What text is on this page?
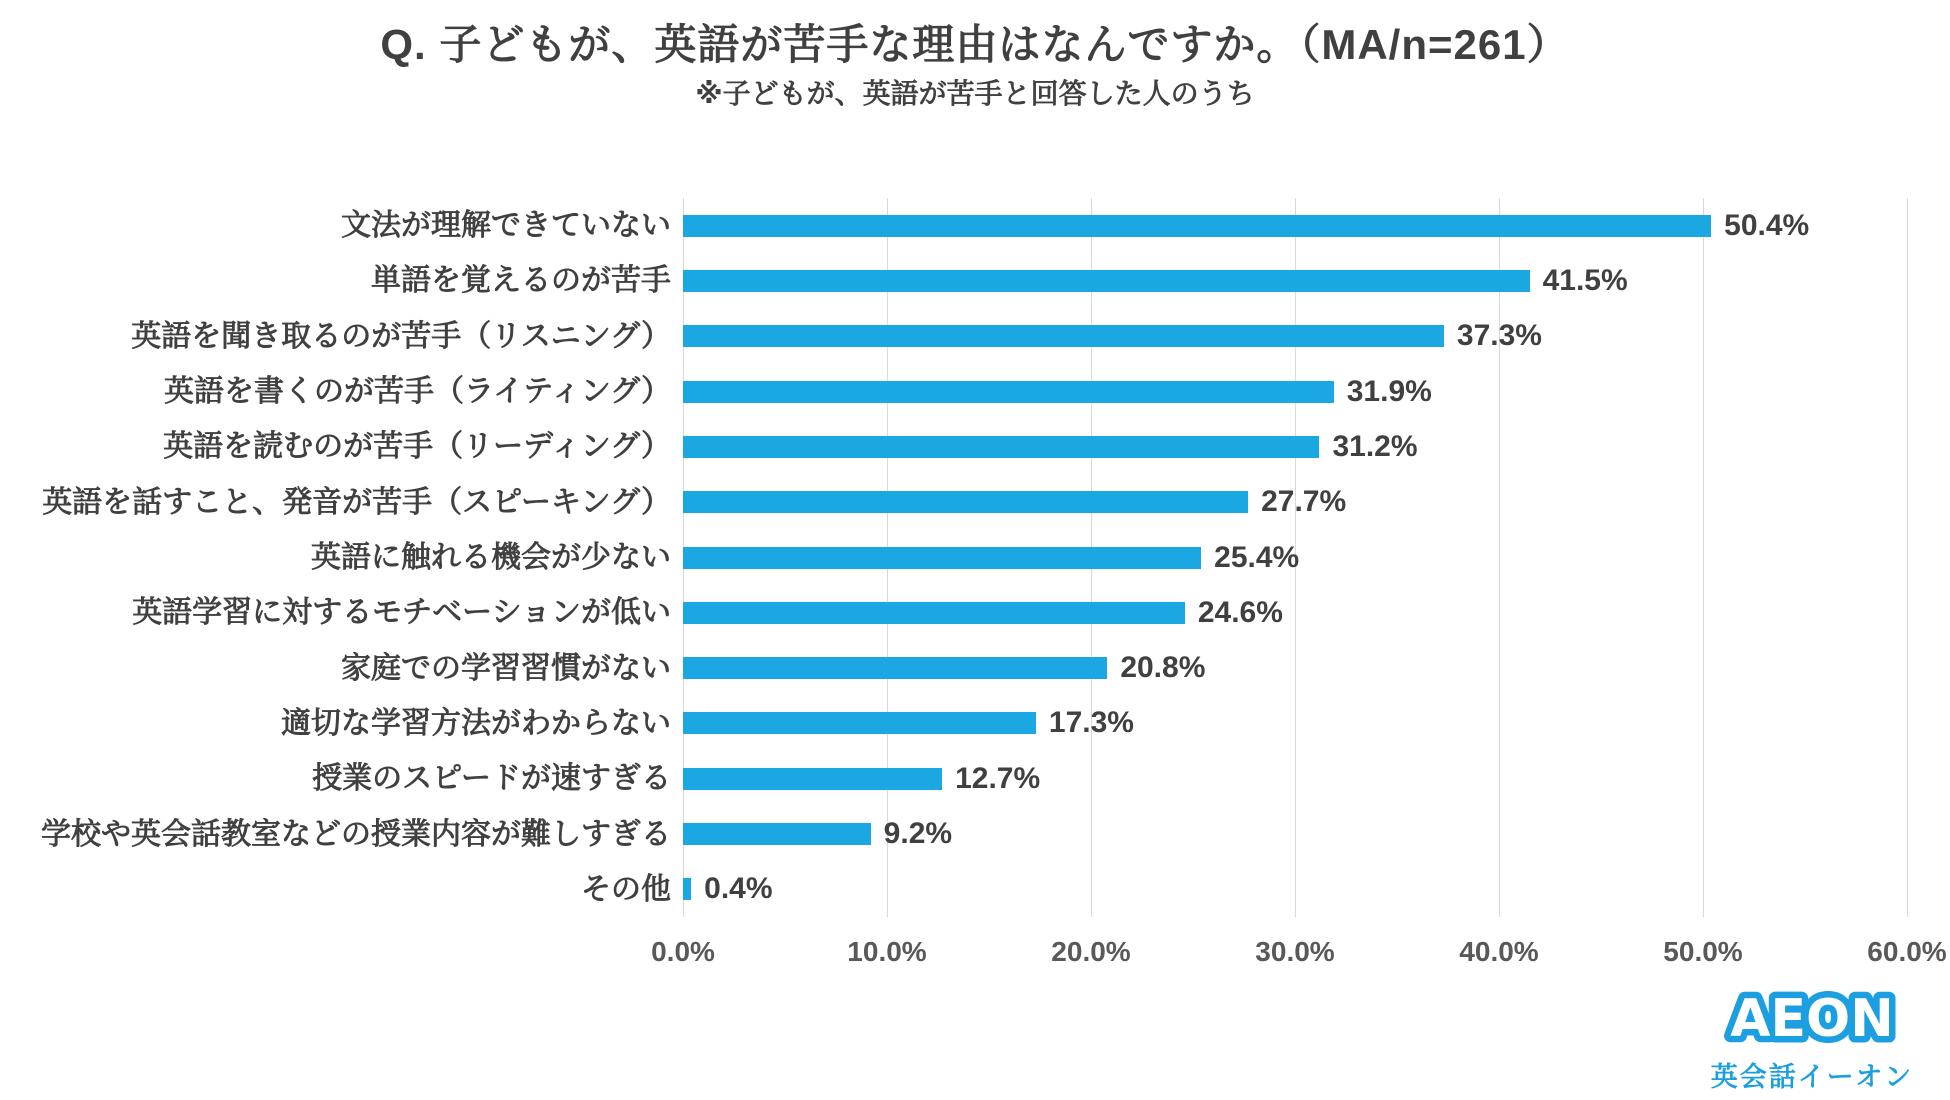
Q. 子どもが、英語が苦手な理由はなんですか。（MA/n=261）
※子どもが、英語が苦手と回答した人のうち
文法が理解できていない
単語を覚えるのが苦手
英語を聞き取るのが苦手（リスニング）
英語を書くのが苦手（ライティング）
英語を読むのが苦手（リーディング）
英語を話すこと、発音が苦手（スピーキング）
英語に触れる機会が少ない
英語学習に対するモチベーションが低い
家庭での学習習慣がない
適切な学習方法がわからない
授業のスピードが速すぎる
学校や英会話教室などの授業内容が難しすぎる
その他
50.4%
41.5%
37.3%
31.9%
31.2%
27.7%
25.4%
24.6%
20.8%
17.3%
12.7%
9.2%
0.4%
0.0%	10.0%	20.0%	30.0%	40.0%	50.0%	60.0%
AEON
英会話イーオン
